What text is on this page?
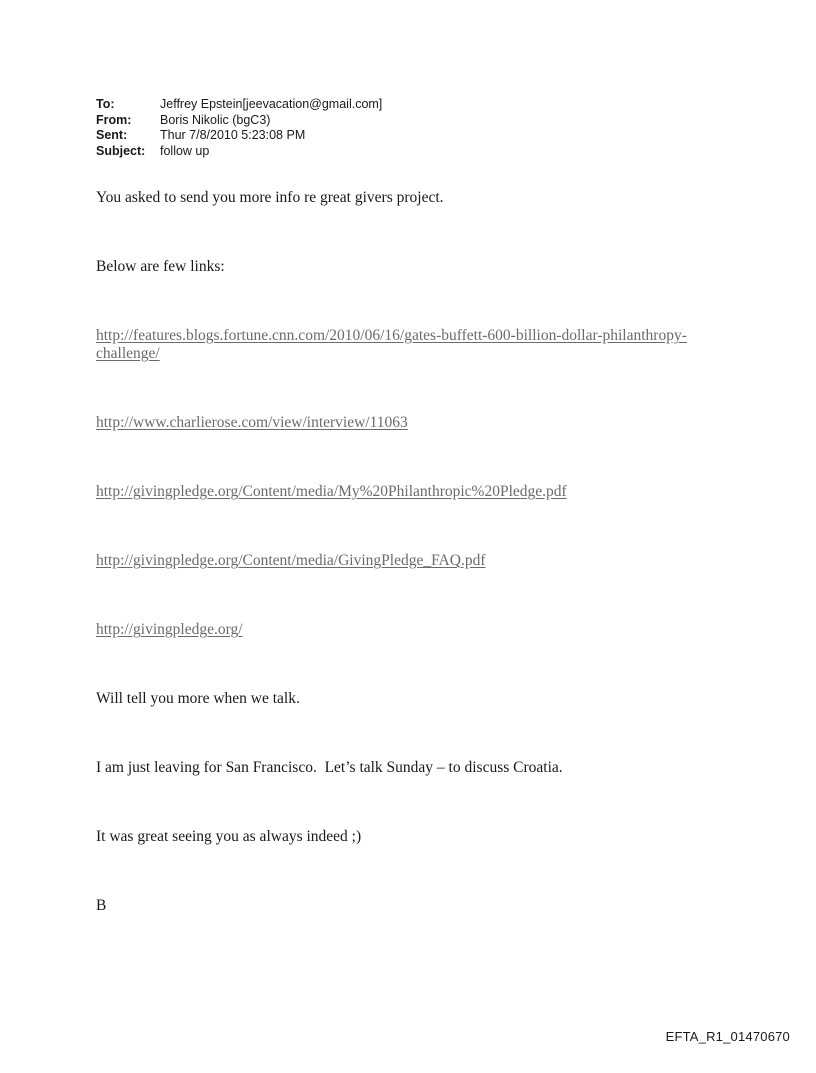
To:	Jeffrey Epstein[jeevacation@gmail.com]
From:	Boris Nikolic (bgC3)
Sent:	Thur 7/8/2010 5:23:08 PM
Subject:	follow up
You asked to send you more info re great givers project.
Below are few links:
http://features.blogs.fortune.cnn.com/2010/06/16/gates-buffett-600-billion-dollar-philanthropy-challenge/
http://www.charlierose.com/view/interview/11063
http://givingpledge.org/Content/media/My%20Philanthropic%20Pledge.pdf
http://givingpledge.org/Content/media/GivingPledge_FAQ.pdf
http://givingpledge.org/
Will tell you more when we talk.
I am just leaving for San Francisco.  Let’s talk Sunday – to discuss Croatia.
It was great seeing you as always indeed ;)
B
EFTA_R1_01470670
